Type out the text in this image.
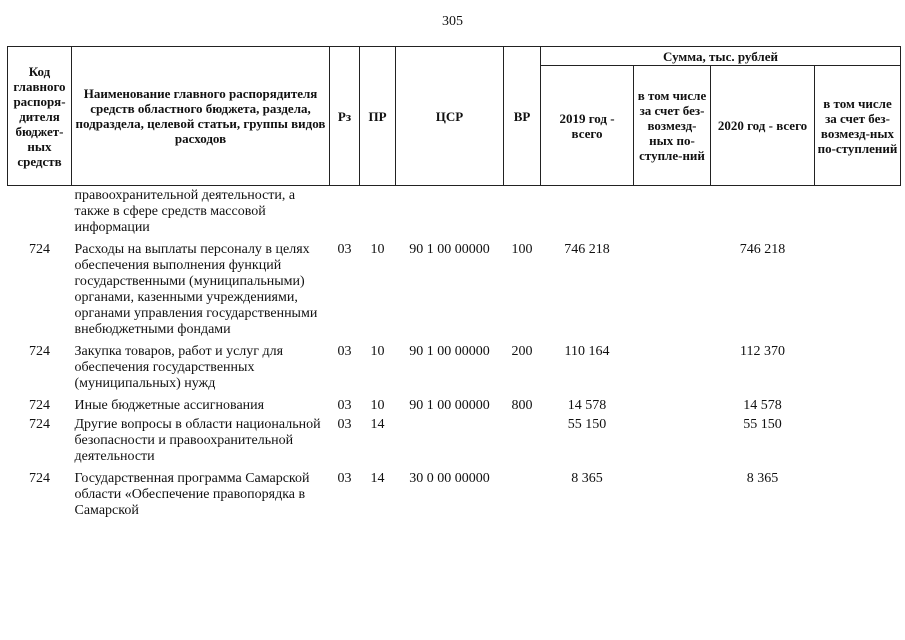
305
Код главного распоря-дителя бюджет-ных средств	Наименование главного распорядителя средств областного бюджета, раздела, подраздела, целевой статьи, группы видов расходов	Рз	ПР	ЦСР	ВР	Сумма, тыс. рублей			
						2019 год - всего	в том числе за счет без-возмезд-ных по-ступле-ний	2020 год - всего	в том числе за счет без-возмезд-ных по-ступлений
	правоохранительной деятельности, а также в сфере средств массовой информации								
724	Расходы на выплаты персоналу в целях обеспечения выполнения функций государственными (муниципальными) органами, казенными учреждениями, органами управления государственными внебюджетными фондами	03	10	90 1 00 00000	100	746 218		746 218	
724	Закупка товаров, работ и услуг для обеспечения государственных (муниципальных) нужд	03	10	90 1 00 00000	200	110 164		112 370	
724	Иные бюджетные ассигнования	03	10	90 1 00 00000	800	14 578		14 578	
724	Другие вопросы в области национальной безопасности и правоохранительной деятельности	03	14			55 150		55 150	
724	Государственная программа Самарской области «Обеспечение правопорядка в Самарской	03	14	30 0 00 00000		8 365		8 365	
